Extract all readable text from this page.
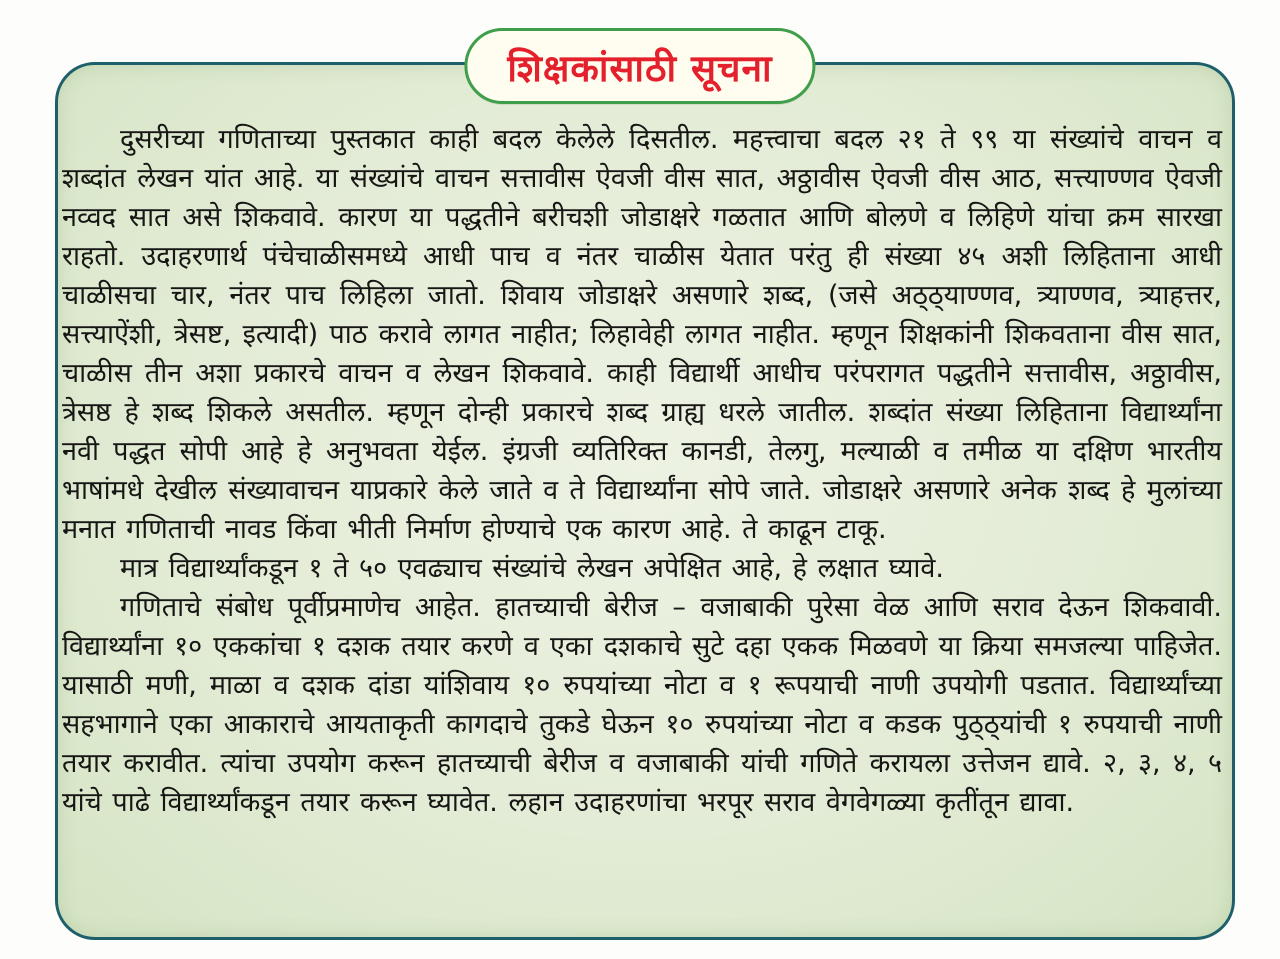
शिक्षकांसाठी सूचना

दुसरीच्या गणिताच्या पुस्तकात काही बदल केलेले दिसतील. महत्त्वाचा बदल २१ ते ९९ या संख्यांचे वाचन व शब्दांत लेखन यांत आहे. या संख्यांचे वाचन सत्तावीस ऐवजी वीस सात, अठ्ठावीस ऐवजी वीस आठ, सत्त्याण्णव ऐवजी नव्वद सात असे शिकवावे. कारण या पद्धतीने बरीचशी जोडाक्षरे गळतात आणि बोलणे व लिहिणे यांचा क्रम सारखा राहतो. उदाहरणार्थ पंचेचाळीसमध्ये आधी पाच व नंतर चाळीस येतात परंतु ही संख्या ४५ अशी लिहिताना आधी चाळीसचा चार, नंतर पाच लिहिला जातो. शिवाय जोडाक्षरे असणारे शब्द, (जसे अठ्ठ्याण्णव, त्र्याण्णव, त्र्याहत्तर, सत्त्याऐंशी, त्रेसष्ट, इत्यादी) पाठ करावे लागत नाहीत; लिहावेही लागत नाहीत. म्हणून शिक्षकांनी शिकवताना वीस सात, चाळीस तीन अशा प्रकारचे वाचन व लेखन शिकवावे. काही विद्यार्थी आधीच परंपरागत पद्धतीने सत्तावीस, अठ्ठावीस, त्रेसष्ठ हे शब्द शिकले असतील. म्हणून दोन्ही प्रकारचे शब्द ग्राह्य धरले जातील. शब्दांत संख्या लिहिताना विद्यार्थ्यांना नवी पद्धत सोपी आहे हे अनुभवता येईल. इंग्रजी व्यतिरिक्त कानडी, तेलगु, मल्याळी व तमीळ या दक्षिण भारतीय भाषांमधे देखील संख्यावाचन याप्रकारे केले जाते व ते विद्यार्थ्यांना सोपे जाते. जोडाक्षरे असणारे अनेक शब्द हे मुलांच्या मनात गणिताची नावड किंवा भीती निर्माण होण्याचे एक कारण आहे. ते काढून टाकू.

मात्र विद्यार्थ्यांकडून १ ते ५० एवढ्याच संख्यांचे लेखन अपेक्षित आहे, हे लक्षात घ्यावे.

गणिताचे संबोध पूर्वीप्रमाणेच आहेत. हातच्याची बेरीज – वजाबाकी पुरेसा वेळ आणि सराव देऊन शिकवावी. विद्यार्थ्यांना १० एककांचा १ दशक तयार करणे व एका दशकाचे सुटे दहा एकक मिळवणे या क्रिया समजल्या पाहिजेत. यासाठी मणी, माळा व दशक दांडा यांशिवाय १० रुपयांच्या नोटा व १ रूपयाची नाणी उपयोगी पडतात. विद्यार्थ्यांच्या सहभागाने एका आकाराचे आयताकृती कागदाचे तुकडे घेऊन १० रुपयांच्या नोटा व कडक पुठ्ठ्यांची १ रुपयाची नाणी तयार करावीत. त्यांचा उपयोग करून हातच्याची बेरीज व वजाबाकी यांची गणिते करायला उत्तेजन द्यावे. २, ३, ४, ५ यांचे पाढे विद्यार्थ्यांकडून तयार करून घ्यावेत. लहान उदाहरणांचा भरपूर सराव वेगवेगळ्या कृतींतून द्यावा.
